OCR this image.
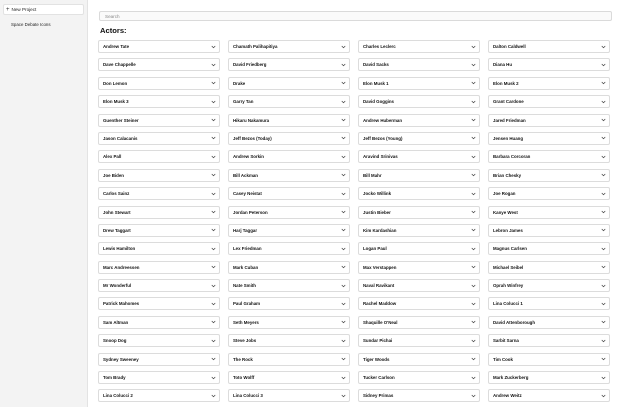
+ New Project
Space Debate Icons
Search
Actors:
Andrew Tate	Chamath Palihapitiya	Charles Leclerc	Dalton Caldwell
Dave Chappelle	David Friedberg	David Sacks	Diana Hu
Don Lemon	Drake	Elon Musk 1	Elon Musk 2
Elon Musk 3	Garry Tan	David Goggins	Grant Cardone
Guenther Steiner	Hikaru Nakamura	Andrew Huberman	Jared Friedman
Jason Calacanis	Jeff Bezos (Today)	Jeff Bezos (Young)	Jensen Huang
Alex Pall	Andrew Sorkin	Aravind Srinivas	Barbara Corcoran
Joe Biden	Bill Ackman	Bill Mahr	Brian Chesky
Carlos Sainz	Casey Neistat	Jocko Willink	Joe Rogan
John Stewart	Jordan Peterson	Justin Bieber	Kanye West
Drew Taggart	Harj Taggar	Kim Kardashian	Lebron James
Lewis Hamilton	Lex Friedman	Logan Paul	Magnus Carlsen
Marc Andreessen	Mark Cuban	Max Verstappen	Michael Seibel
Mr Wonderful	Nate Smith	Naval Ravikant	Oprah Winfrey
Patrick Mahomes	Paul Graham	Rachel Maddow	Lina Colucci 1
Sam Altman	Seth Meyers	Shaquille O'Neal	David Attenborough
Snoop Dog	Steve Jobs	Sundar Pichai	Sarbit Sarna
Sydney Sweeney	The Rock	Tiger Woods	Tim Cook
Tom Brady	Toto Wolff	Tucker Carlson	Mark Zuckerberg
Lina Colucci 2	Lina Colucci 3	Sidney Primas	Andrew Weitz
